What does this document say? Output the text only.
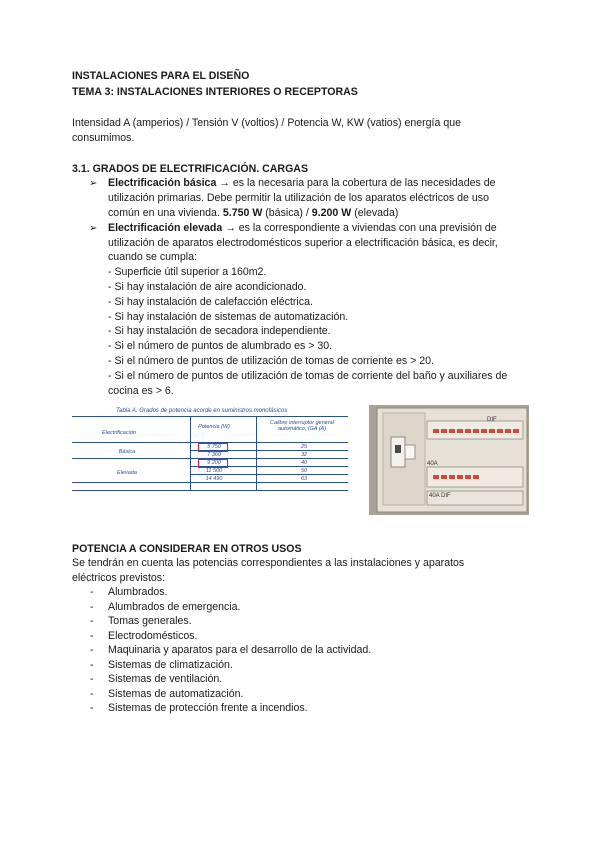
INSTALACIONES PARA EL DISEÑO
TEMA 3: INSTALACIONES INTERIORES O RECEPTORAS
Intensidad A (amperios) / Tensión V (voltios) / Potencia W, KW (vatios) energía que
consumimos.
3.1. GRADOS DE ELECTRIFICACIÓN. CARGAS
➢ Electrificación básica → es la necesaria para la cobertura de las necesidades de
utilización primarias. Debe permitir la utilización de los aparatos eléctricos de uso
común en una vivienda. 5.750 W (básica) / 9.200 W (elevada)
➢ Electrificación elevada → es la correspondiente a viviendas con una previsión de
utilización de aparatos electrodomésticos superior a electrificación básica, es decir,
cuando se cumpla:
- Superficie útil superior a 160m2.
- Si hay instalación de aire acondicionado.
- Si hay instalación de calefacción eléctrica.
- Si hay instalación de sistemas de automatización.
- Si hay instalación de secadora independiente.
- Si el número de puntos de alumbrado es > 30.
- Si el número de puntos de utilización de tomas de corriente es > 20.
- Si el número de puntos de utilización de tomas de corriente del baño y auxiliares de
cocina es > 6.
Tabla A. Grados de potencia acorde en suministros monofásicos
Electrificación
Potencia (W)
Calibre interruptor general automático, IGA (A)
Básica
Elevada
5 750
7 360
9 200
11 500
14 490
25
32
40
50
63
DIF
40A
40A DIF
POTENCIA A CONSIDERAR EN OTROS USOS
Se tendrán en cuenta las potencias correspondientes a las instalaciones y aparatos
eléctricos previstos:
- Alumbrados.
- Alumbrados de emergencia.
- Tomas generales.
- Electrodomésticos.
- Maquinaria y aparatos para el desarrollo de la actividad.
- Sistemas de climatización.
- Sistemas de ventilación.
- Sistemas de automatización.
- Sistemas de protección frente a incendios.
